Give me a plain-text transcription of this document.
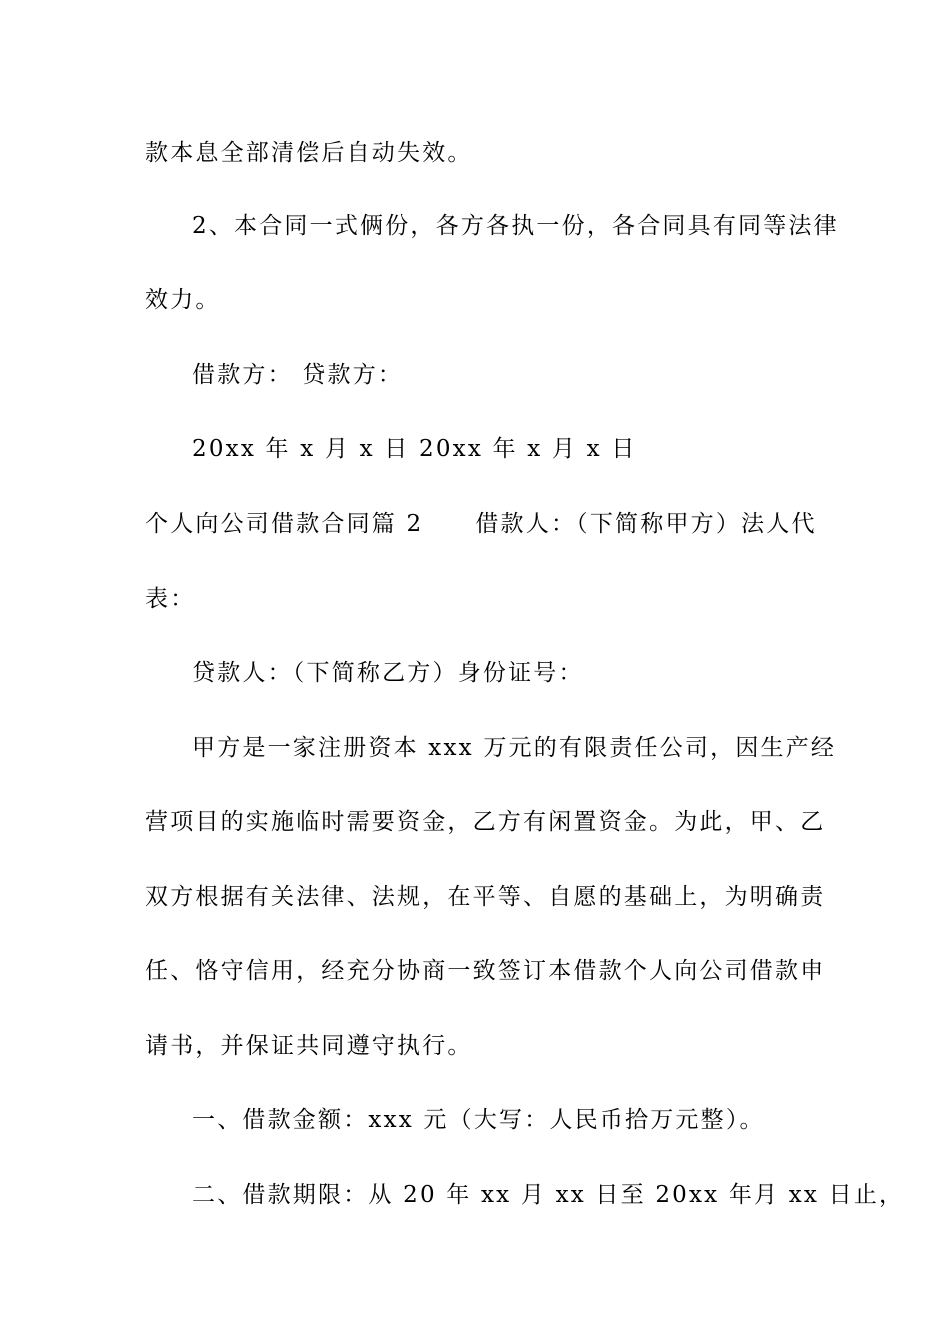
款本息全部清偿后自动失效。
2、本合同一式俩份，各方各执一份，各合同具有同等法律
效力。
借款方： 贷款方：
20xx 年 x 月 x 日 20xx 年 x 月 x 日
个人向公司借款合同篇 2 借款人：（下简称甲方）法人代
表：
贷款人：（下简称乙方）身份证号：
甲方是一家注册资本 xxx 万元的有限责任公司，因生产经
营项目的实施临时需要资金，乙方有闲置资金。为此，甲、乙
双方根据有关法律、法规，在平等、自愿的基础上，为明确责
任、恪守信用，经充分协商一致签订本借款个人向公司借款申
请书，并保证共同遵守执行。
一、借款金额：xxx 元（大写：人民币拾万元整）。
二、借款期限：从 20 年 xx 月 xx 日至 20xx 年月 xx 日止，
